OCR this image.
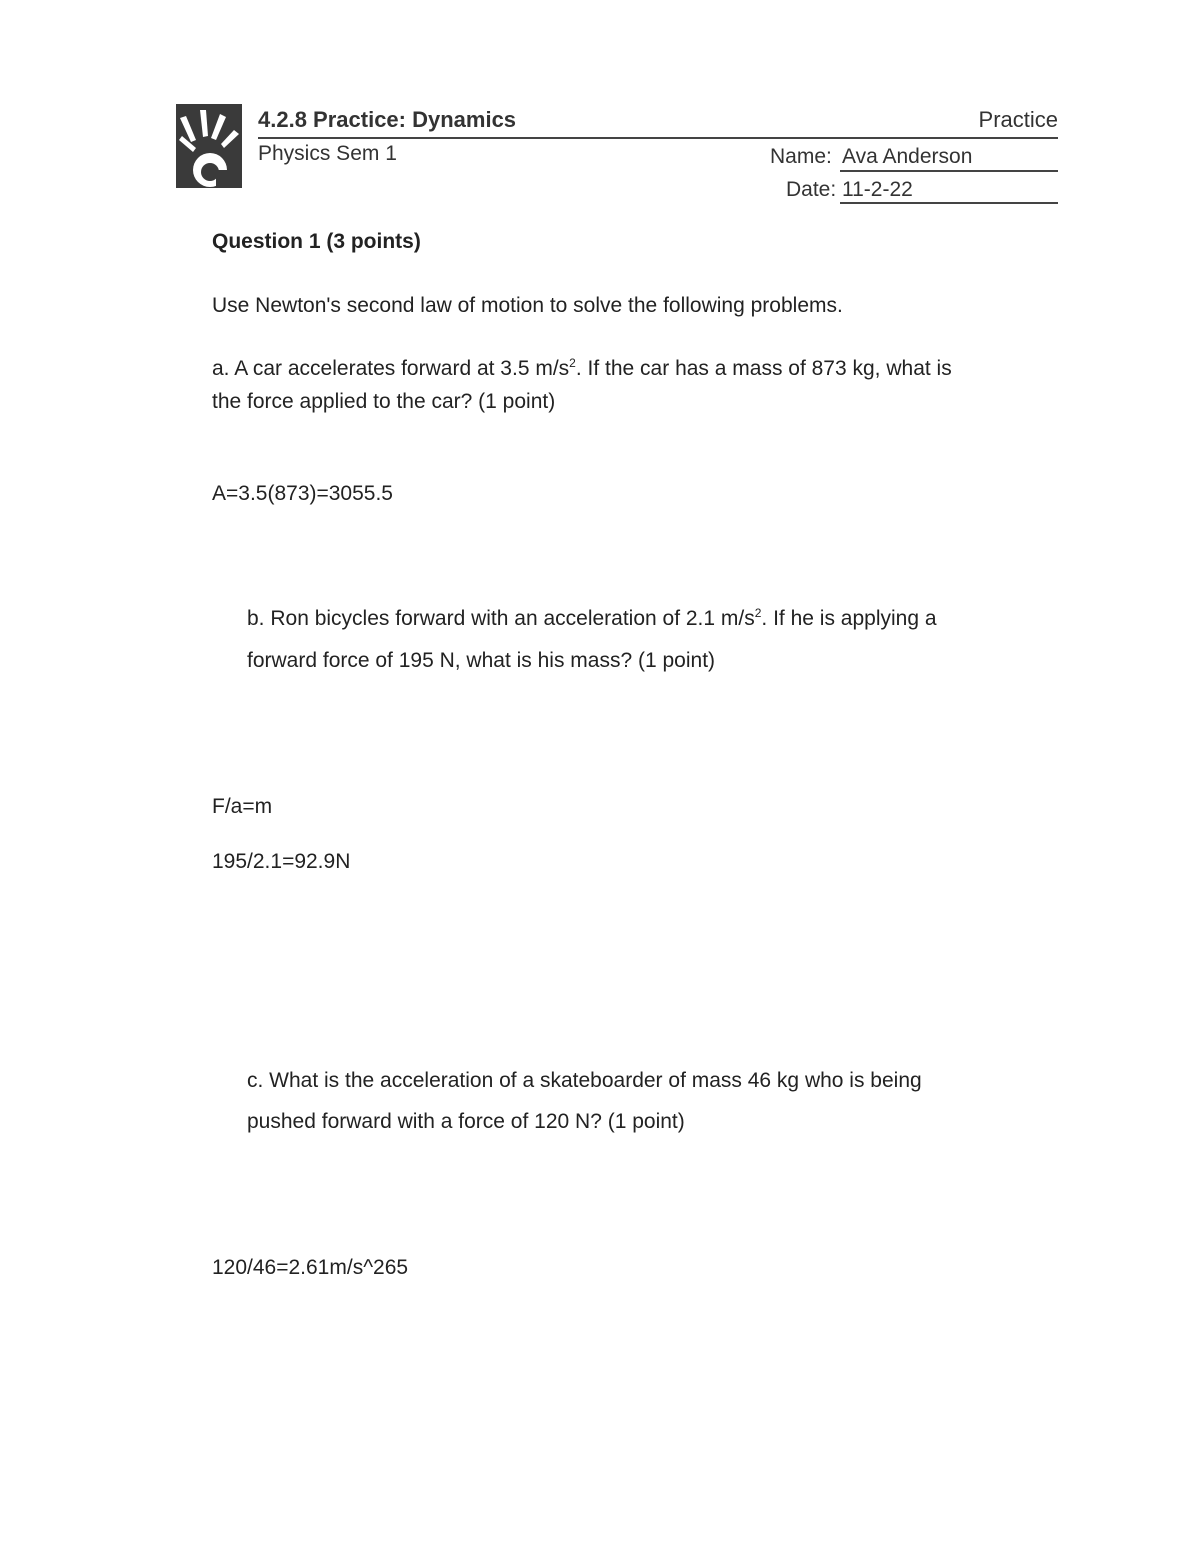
4.2.8 Practice: Dynamics	Practice
Physics Sem 1	Name: Ava Anderson
Date: 11-2-22
Question 1 (3 points)
Use Newton's second law of motion to solve the following problems.
a. A car accelerates forward at 3.5 $m/s^2$. If the car has a mass of 873 kg, what is
the force applied to the car? (1 point)
A=3.5(873)=3055.5
b. Ron bicycles forward with an acceleration of 2.1 $m/s^2$. If he is applying a
forward force of 195 N, what is his mass? (1 point)
F/a=m
195/2.1=92.9N
c. What is the acceleration of a skateboarder of mass 46 kg who is being
pushed forward with a force of 120 N? (1 point)
120/46=2.61m/s^265
